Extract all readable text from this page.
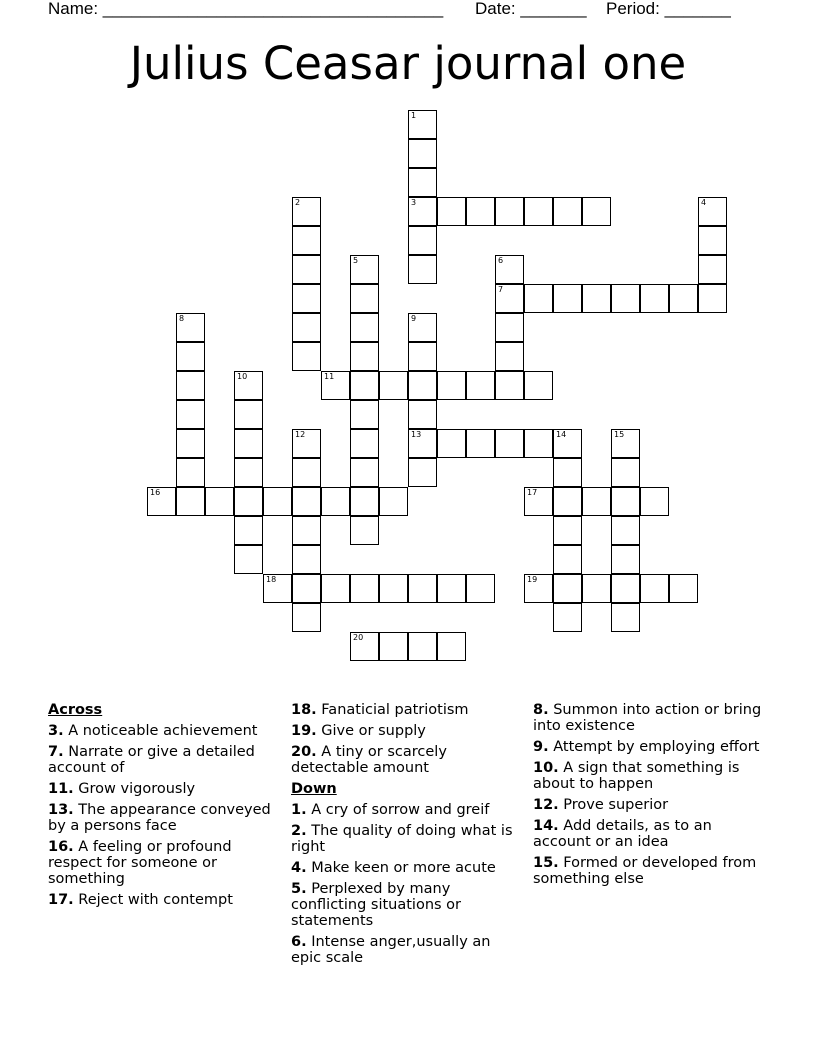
Name: ____________________________________ Date: _______ Period: _______
Julius Ceasar journal one
1
3
2	4
5	6
7
8	9
13
10	11
12	14	15
16	17
18	19
20
Across
3. A noticeable achievement
7. Narrate or give a detailed account of
11. Grow vigorously
13. The appearance conveyed by a persons face
16. A feeling or profound respect for someone or something
17. Reject with contempt
18. Fanaticial patriotism
19. Give or supply
20. A tiny or scarcely detectable amount
Down
1. A cry of sorrow and greif
2. The quality of doing what is right
4. Make keen or more acute
5. Perplexed by many conflicting situations or statements
6. Intense anger,usually an epic scale
8. Summon into action or bring into existence
9. Attempt by employing effort
10. A sign that something is about to happen
12. Prove superior
14. Add details, as to an account or an idea
15. Formed or developed from something else
